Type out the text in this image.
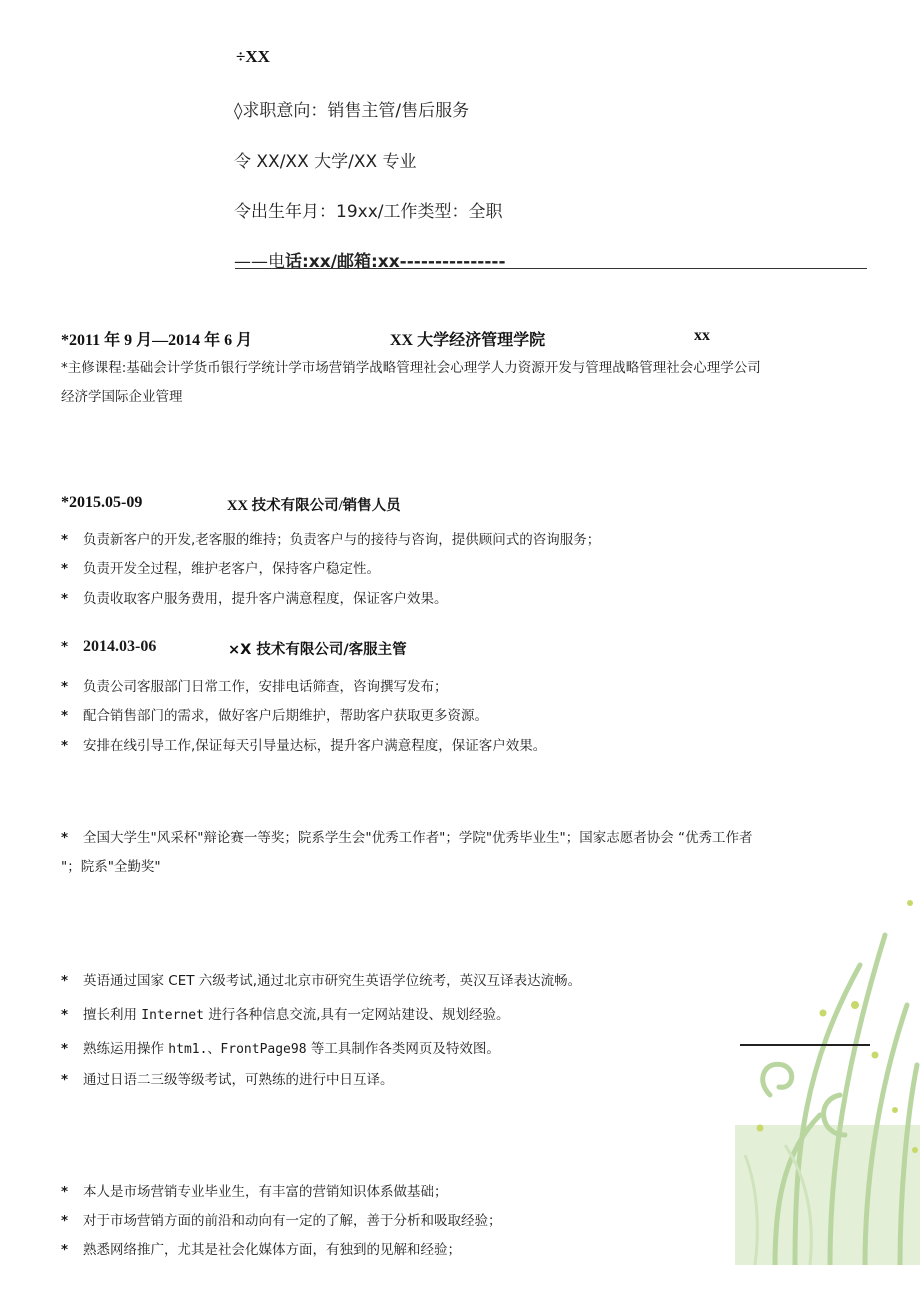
÷XX
◊求职意向：销售主管/售后服务
令 XX/XX 大学/XX 专业
令出生年月：19xx/工作类型：全职
——电话:xx/邮箱:xx---------------
*2011 年 9 月—2014 年 6 月	XX 大学经济管理学院	xx
*主修课程:基础会计学货币银行学统计学市场营销学战略管理社会心理学人力资源开发与管理战略管理社会心理学公司
经济学国际企业管理
*2015.05-09	XX 技术有限公司/销售人员
* 负责新客户的开发,老客服的维持；负责客户与的接待与咨询，提供顾问式的咨询服务；
* 负责开发全过程，维护老客户，保持客户稳定性。
* 负责收取客户服务费用，提升客户满意程度，保证客户效果。
* 2014.03-06	×X 技术有限公司/客服主管
* 负责公司客服部门日常工作，安排电话筛查，咨询撰写发布；
* 配合销售部门的需求，做好客户后期维护，帮助客户获取更多资源。
* 安排在线引导工作,保证每天引导量达标，提升客户满意程度，保证客户效果。
* 全国大学生"风采杯"辩论赛一等奖；院系学生会"优秀工作者"；学院"优秀毕业生"；国家志愿者协会 “优秀工作者
"；院系"全勤奖"
* 英语通过国家 CET 六级考试,通过北京市研究生英语学位统考，英汉互译表达流畅。
* 擅长利用 Internet 进行各种信息交流,具有一定网站建设、规划经验。
* 熟练运用操作 htm1.、FrontPage98 等工具制作各类网页及特效图。
* 通过日语二三级等级考试，可熟练的进行中日互译。
* 本人是市场营销专业毕业生，有丰富的营销知识体系做基础；
* 对于市场营销方面的前沿和动向有一定的了解，善于分析和吸取经验；
* 熟悉网络推广，尤其是社会化媒体方面，有独到的见解和经验；
